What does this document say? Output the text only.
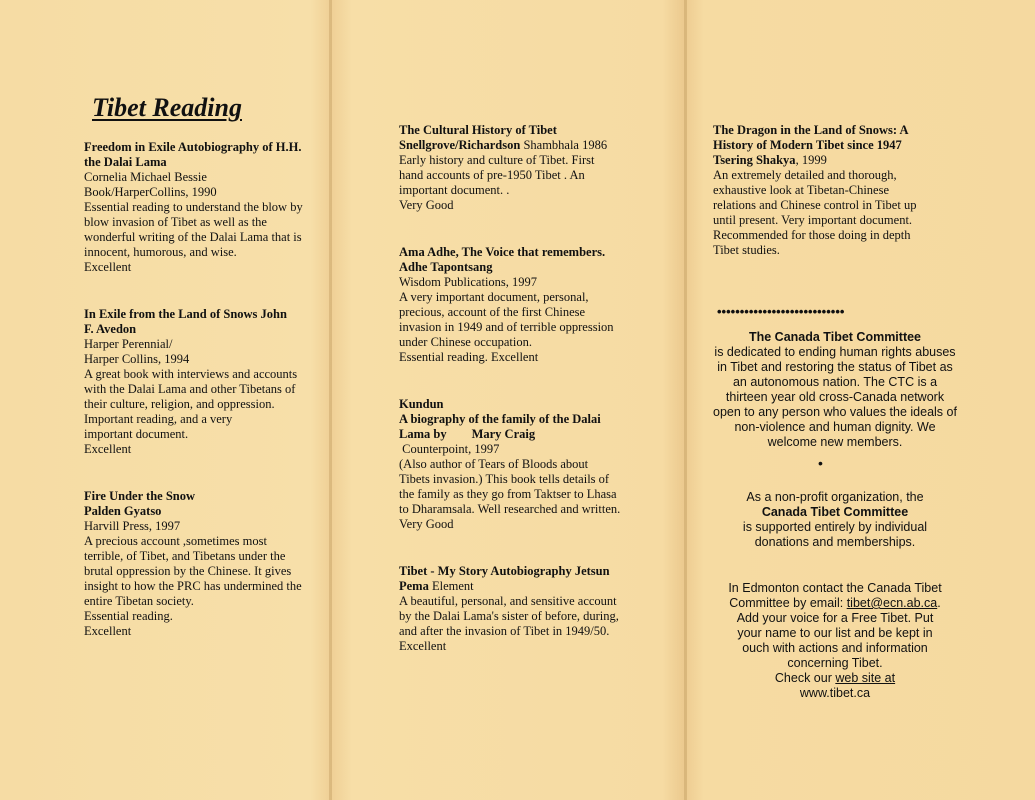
Tibet Reading
Freedom in Exile Autobiography of H.H.
the Dalai Lama
Cornelia Michael Bessie
Book/HarperCollins, 1990
Essential reading to understand the blow by
blow invasion of Tibet as well as the
wonderful writing of the Dalai Lama that is
innocent, humorous, and wise.
Excellent
In Exile from the Land of Snows John
F. Avedon
Harper Perennial/
Harper Collins, 1994
A great book with interviews and accounts
with the Dalai Lama and other Tibetans of
their culture, religion, and oppression.
Important reading, and a very
important document.
Excellent
Fire Under the Snow
Palden Gyatso
Harvill Press, 1997
A precious account ,sometimes most
terrible, of Tibet, and Tibetans under the
brutal oppression by the Chinese. It gives
insight to how the PRC has undermined the
entire Tibetan society.
Essential reading.
Excellent
The Cultural History of Tibet
Snellgrove/Richardson Shambhala 1986
Early history and culture of Tibet. First
hand accounts of pre-1950 Tibet . An
important document. .
Very Good
Ama Adhe, The Voice that remembers.
Adhe Tapontsang
Wisdom Publications, 1997
A very important document, personal,
precious, account of the first Chinese
invasion in 1949 and of terrible oppression
under Chinese occupation.
Essential reading. Excellent
Kundun
A biography of the family of the Dalai
Lama by        Mary Craig
Counterpoint, 1997
(Also author of Tears of Bloods about
Tibets invasion.) This book tells details of
the family as they go from Taktser to Lhasa
to Dharamsala. Well researched and written.
Very Good
Tibet - My Story Autobiography Jetsun
Pema Element
A beautiful, personal, and sensitive account
by the Dalai Lama's sister of before, during,
and after the invasion of Tibet in 1949/50.
Excellent
The Dragon in the Land of Snows: A
History of Modern Tibet since 1947
Tsering Shakya, 1999
An extremely detailed and thorough,
exhaustive look at Tibetan-Chinese
relations and Chinese control in Tibet up
until present. Very important document.
Recommended for those doing in depth
Tibet studies.
••••••••••••••••••••••••••••
The Canada Tibet Committee
is dedicated to ending human rights abuses
in Tibet and restoring the status of Tibet as
an autonomous nation. The CTC is a
thirteen year old cross-Canada network
open to any person who values the ideals of
non-violence and human dignity. We
welcome new members.
•
As a non-profit organization, the
Canada Tibet Committee
is supported entirely by individual
donations and memberships.
In Edmonton contact the Canada Tibet
Committee by email: tibet@ecn.ab.ca.
Add your voice for a Free Tibet. Put
your name to our list and be kept in
ouch with actions and information
concerning Tibet.
Check our web site at
www.tibet.ca
